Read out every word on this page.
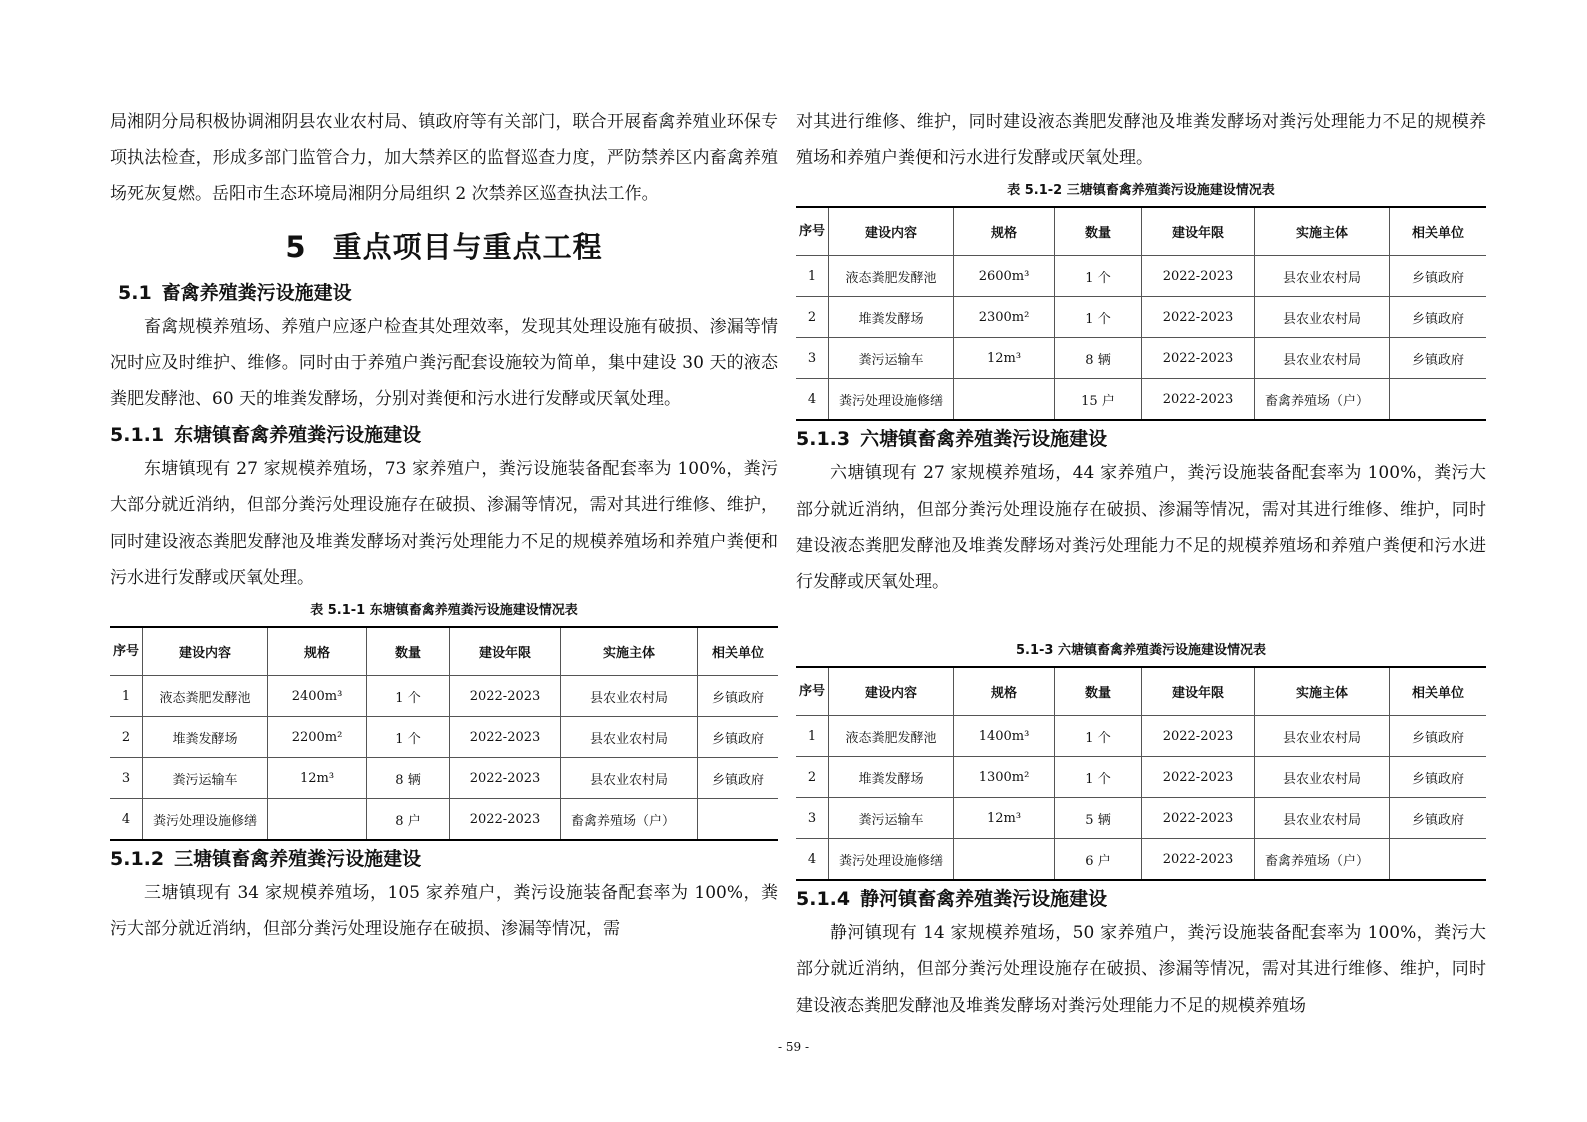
局湘阴分局积极协调湘阴县农业农村局、镇政府等有关部门，联合开展畜禽养殖业环保专项执法检查，形成多部门监管合力，加大禁养区的监督巡查力度，严防禁养区内畜禽养殖场死灰复燃。岳阳市生态环境局湘阴分局组织 2 次禁养区巡查执法工作。

5 重点项目与重点工程
5.1 畜禽养殖粪污设施建设

畜禽规模养殖场、养殖户应逐户检查其处理效率，发现其处理设施有破损、渗漏等情况时应及时维护、维修。同时由于养殖户粪污配套设施较为简单，集中建设 30 天的液态粪肥发酵池、60 天的堆粪发酵场，分别对粪便和污水进行发酵或厌氧处理。

5.1.1 东塘镇畜禽养殖粪污设施建设

东塘镇现有 27 家规模养殖场，73 家养殖户，粪污设施装备配套率为 100%，粪污大部分就近消纳，但部分粪污处理设施存在破损、渗漏等情况，需对其进行维修、维护，同时建设液态粪肥发酵池及堆粪发酵场对粪污处理能力不足的规模养殖场和养殖户粪便和污水进行发酵或厌氧处理。

表 5.1-1 东塘镇畜禽养殖粪污设施建设情况表
序号	建设内容	规格	数量	建设年限	实施主体	相关单位
1	液态粪肥发酵池	2400m³	1 个	2022-2023	县农业农村局	乡镇政府
2	堆粪发酵场	2200m²	1 个	2022-2023	县农业农村局	乡镇政府
3	粪污运输车	12m³	8 辆	2022-2023	县农业农村局	乡镇政府
4	粪污处理设施修缮		8 户	2022-2023	畜禽养殖场（户）	
5.1.2 三塘镇畜禽养殖粪污设施建设

三塘镇现有 34 家规模养殖场，105 家养殖户，粪污设施装备配套率为 100%，粪污大部分就近消纳，但部分粪污处理设施存在破损、渗漏等情况，需

对其进行维修、维护，同时建设液态粪肥发酵池及堆粪发酵场对粪污处理能力不足的规模养殖场和养殖户粪便和污水进行发酵或厌氧处理。

表 5.1-2 三塘镇畜禽养殖粪污设施建设情况表
序号	建设内容	规格	数量	建设年限	实施主体	相关单位
1	液态粪肥发酵池	2600m³	1 个	2022-2023	县农业农村局	乡镇政府
2	堆粪发酵场	2300m²	1 个	2022-2023	县农业农村局	乡镇政府
3	粪污运输车	12m³	8 辆	2022-2023	县农业农村局	乡镇政府
4	粪污处理设施修缮		15 户	2022-2023	畜禽养殖场（户）	
5.1.3 六塘镇畜禽养殖粪污设施建设

六塘镇现有 27 家规模养殖场，44 家养殖户，粪污设施装备配套率为 100%，粪污大部分就近消纳，但部分粪污处理设施存在破损、渗漏等情况，需对其进行维修、维护，同时建设液态粪肥发酵池及堆粪发酵场对粪污处理能力不足的规模养殖场和养殖户粪便和污水进行发酵或厌氧处理。

5.1-3 六塘镇畜禽养殖粪污设施建设情况表
序号	建设内容	规格	数量	建设年限	实施主体	相关单位
1	液态粪肥发酵池	1400m³	1 个	2022-2023	县农业农村局	乡镇政府
2	堆粪发酵场	1300m²	1 个	2022-2023	县农业农村局	乡镇政府
3	粪污运输车	12m³	5 辆	2022-2023	县农业农村局	乡镇政府
4	粪污处理设施修缮		6 户	2022-2023	畜禽养殖场（户）	
5.1.4 静河镇畜禽养殖粪污设施建设

静河镇现有 14 家规模养殖场，50 家养殖户，粪污设施装备配套率为 100%，粪污大部分就近消纳，但部分粪污处理设施存在破损、渗漏等情况，需对其进行维修、维护，同时建设液态粪肥发酵池及堆粪发酵场对粪污处理能力不足的规模养殖场

- 59 -
